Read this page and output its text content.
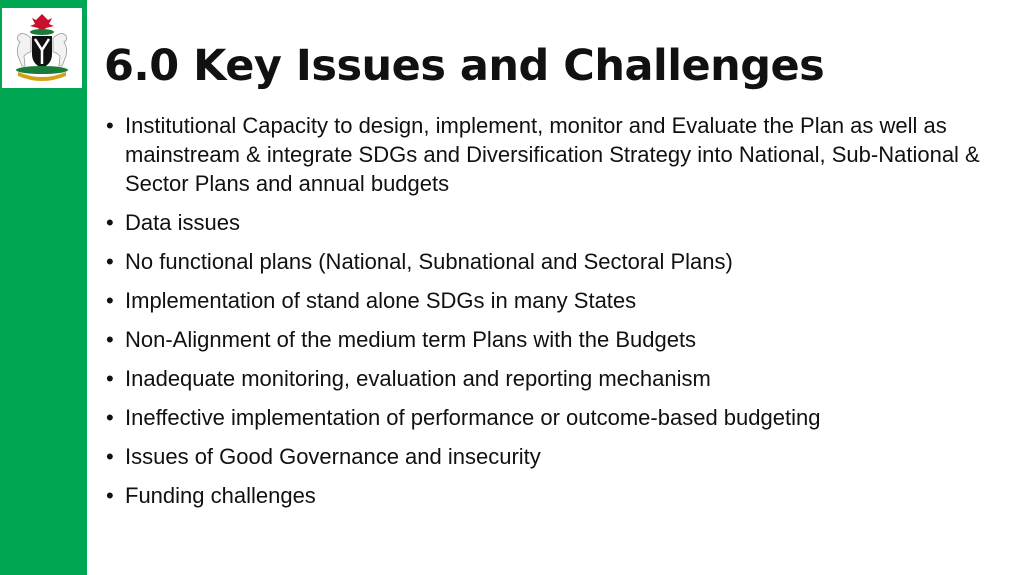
6.0 Key Issues and Challenges
• Institutional Capacity to design, implement, monitor and Evaluate the Plan as well as mainstream & integrate SDGs and Diversification Strategy into National, Sub-National & Sector Plans and annual budgets
• Data issues
• No functional plans (National, Subnational and Sectoral Plans)
• Implementation of stand alone SDGs in many States
• Non-Alignment of the medium term Plans with the Budgets
• Inadequate monitoring, evaluation and reporting mechanism
• Ineffective implementation of performance or outcome-based budgeting
• Issues of Good Governance and insecurity
• Funding challenges
